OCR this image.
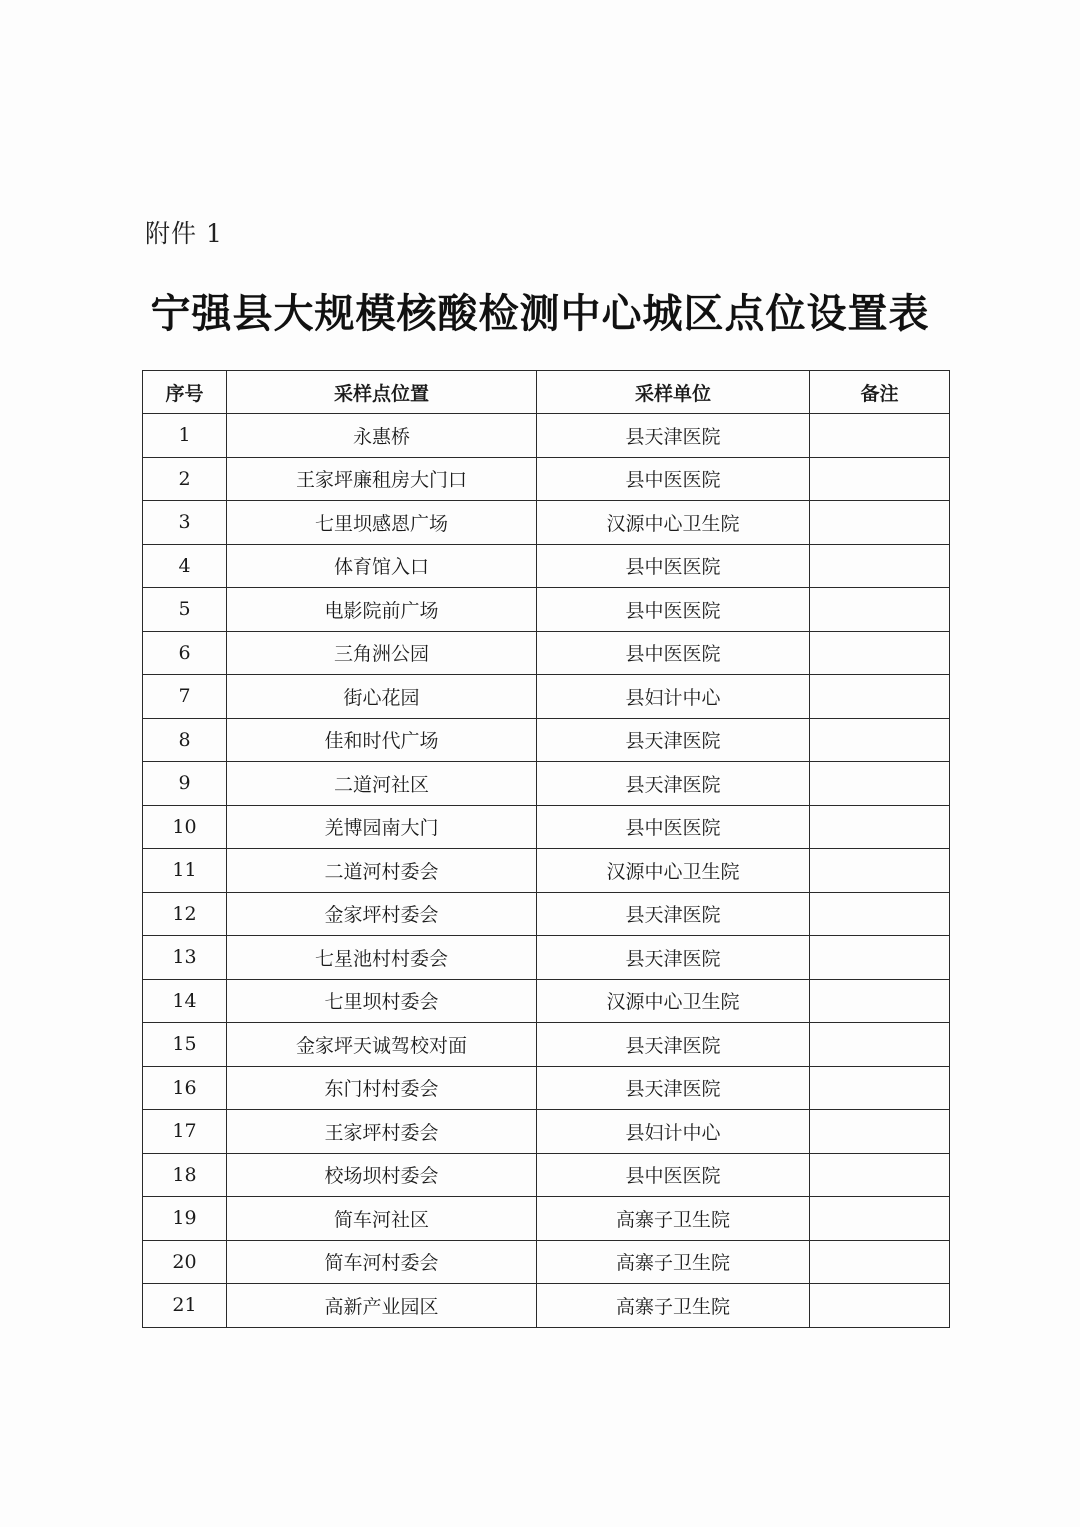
附件 1
宁强县大规模核酸检测中心城区点位设置表
序号	采样点位置	采样单位	备注
1	永惠桥	县天津医院	
2	王家坪廉租房大门口	县中医医院	
3	七里坝感恩广场	汉源中心卫生院	
4	体育馆入口	县中医医院	
5	电影院前广场	县中医医院	
6	三角洲公园	县中医医院	
7	街心花园	县妇计中心	
8	佳和时代广场	县天津医院	
9	二道河社区	县天津医院	
10	羌博园南大门	县中医医院	
11	二道河村委会	汉源中心卫生院	
12	金家坪村委会	县天津医院	
13	七星池村村委会	县天津医院	
14	七里坝村委会	汉源中心卫生院	
15	金家坪天诚驾校对面	县天津医院	
16	东门村村委会	县天津医院	
17	王家坪村委会	县妇计中心	
18	校场坝村委会	县中医医院	
19	简车河社区	高寨子卫生院	
20	简车河村委会	高寨子卫生院	
21	高新产业园区	高寨子卫生院	
